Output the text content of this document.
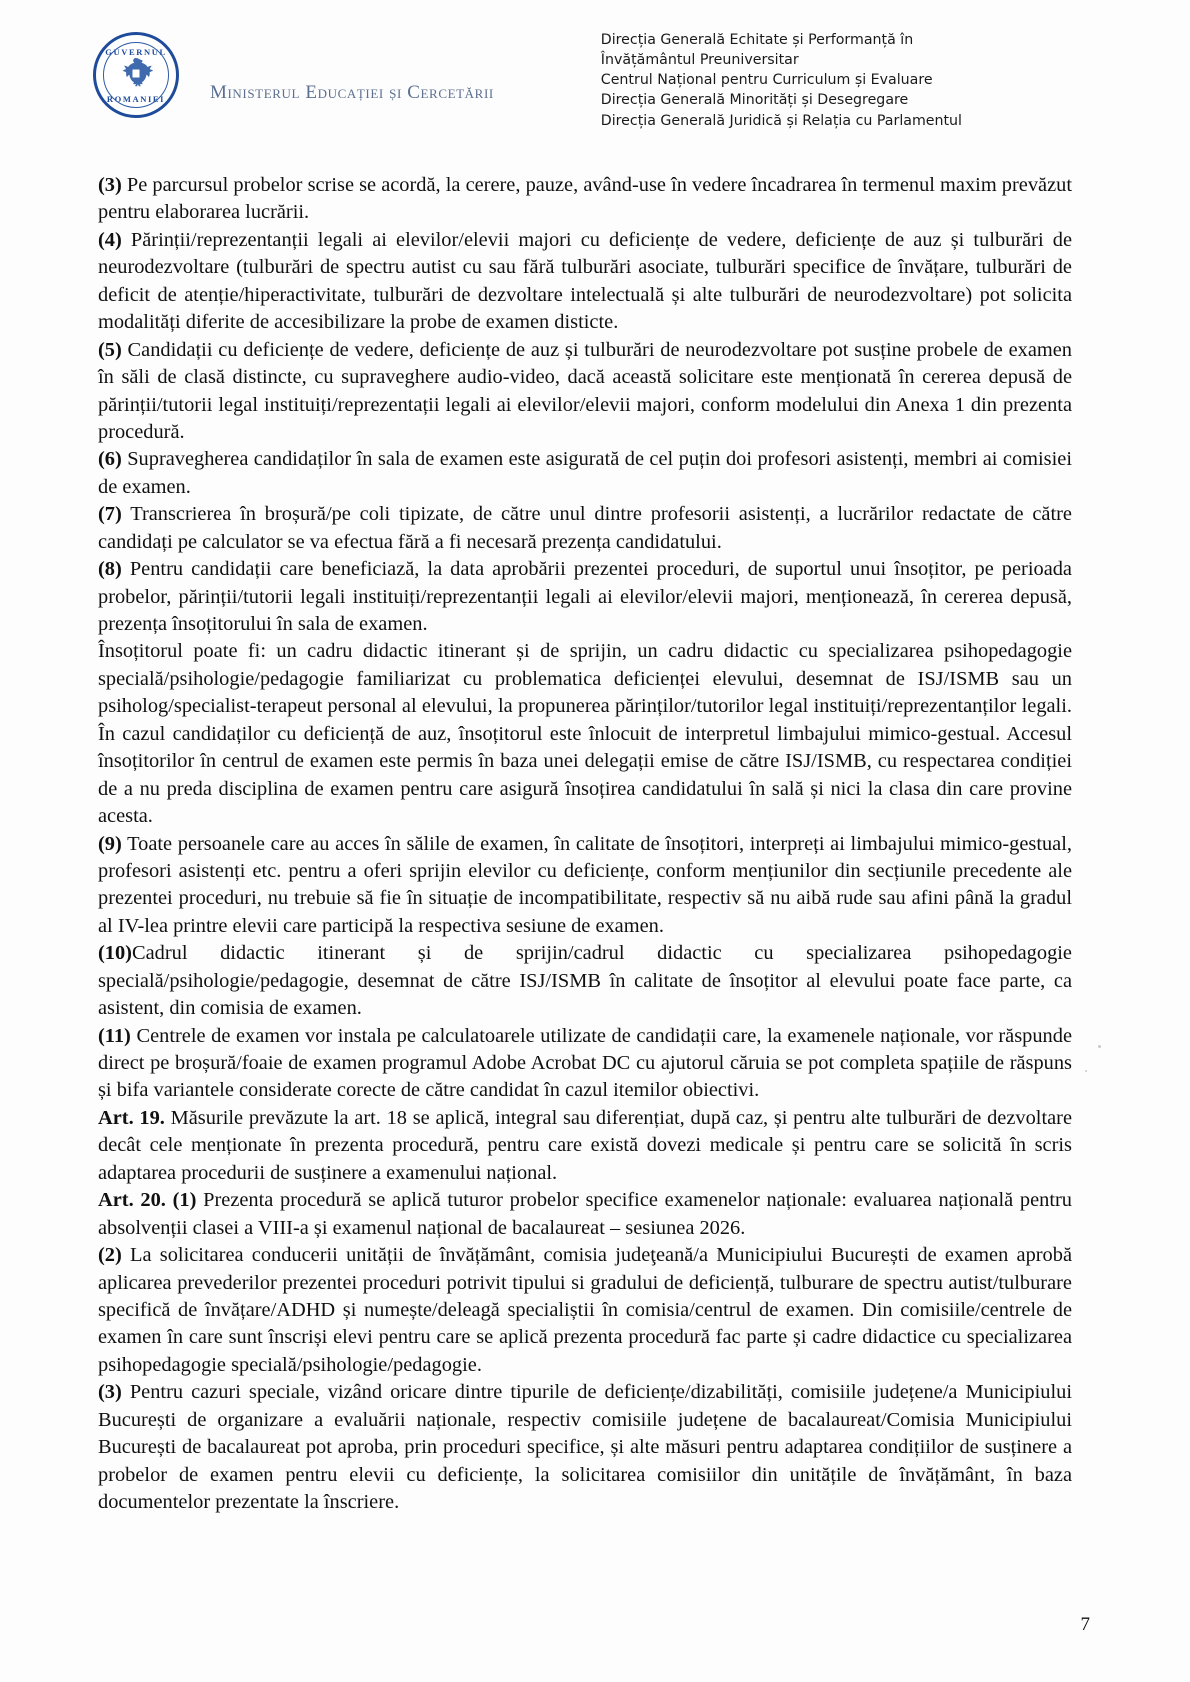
GUVERNUL
ROMANIEI	Ministerul Educației și Cercetării
Direcția Generală Echitate și Performanță în
Învățământul Preuniversitar
Centrul Național pentru Curriculum și Evaluare
Direcția Generală Minorități și Desegregare
Direcția Generală Juridică și Relația cu Parlamentul

(3) Pe parcursul probelor scrise se acordă, la cerere, pauze, având-use în vedere încadrarea în termenul maxim prevăzut pentru elaborarea lucrării.

(4) Părinții/reprezentanții legali ai elevilor/elevii majori cu deficiențe de vedere, deficiențe de auz și tulburări de neurodezvoltare (tulburări de spectru autist cu sau fără tulburări asociate, tulburări specifice de învățare, tulburări de deficit de atenție/hiperactivitate, tulburări de dezvoltare intelectuală și alte tulburări de neurodezvoltare) pot solicita modalități diferite de accesibilizare la probe de examen disticte.

(5) Candidații cu deficiențe de vedere, deficiențe de auz și tulburări de neurodezvoltare pot susține probele de examen în săli de clasă distincte, cu supraveghere audio-video, dacă această solicitare este menționată în cererea depusă de părinții/tutorii legal instituiți/reprezentații legali ai elevilor/elevii majori, conform modelului din Anexa 1 din prezenta procedură.

(6) Supravegherea candidaților în sala de examen este asigurată de cel puțin doi profesori asistenți, membri ai comisiei de examen.

(7) Transcrierea în broșură/pe coli tipizate, de către unul dintre profesorii asistenți, a lucrărilor redactate de către candidați pe calculator se va efectua fără a fi necesară prezența candidatului.

(8) Pentru candidații care beneficiază, la data aprobării prezentei proceduri, de suportul unui însoțitor, pe perioada probelor, părinții/tutorii legali instituiți/reprezentanții legali ai elevilor/elevii majori, menționează, în cererea depusă, prezența însoțitorului în sala de examen.

Însoțitorul poate fi: un cadru didactic itinerant și de sprijin, un cadru didactic cu specializarea psihopedagogie specială/psihologie/pedagogie familiarizat cu problematica deficienței elevului, desemnat de ISJ/ISMB sau un psiholog/specialist-terapeut personal al elevului, la propunerea părinților/tutorilor legal instituiți/reprezentanților legali. În cazul candidaților cu deficiență de auz, însoțitorul este înlocuit de interpretul limbajului mimico-gestual. Accesul însoțitorilor în centrul de examen este permis în baza unei delegații emise de către ISJ/ISMB, cu respectarea condiției de a nu preda disciplina de examen pentru care asigură însoțirea candidatului în sală și nici la clasa din care provine acesta.

(9) Toate persoanele care au acces în sălile de examen, în calitate de însoțitori, interpreți ai limbajului mimico-gestual, profesori asistenți etc. pentru a oferi sprijin elevilor cu deficiențe, conform mențiunilor din secțiunile precedente ale prezentei proceduri, nu trebuie să fie în situație de incompatibilitate, respectiv să nu aibă rude sau afini până la gradul al IV-lea printre elevii care participă la respectiva sesiune de examen.

(10)Cadrul didactic itinerant și de sprijin/cadrul didactic cu specializarea psihopedagogie specială/psihologie/pedagogie, desemnat de către ISJ/ISMB în calitate de însoțitor al elevului poate face parte, ca asistent, din comisia de examen.

(11) Centrele de examen vor instala pe calculatoarele utilizate de candidații care, la examenele naționale, vor răspunde direct pe broșură/foaie de examen programul Adobe Acrobat DC cu ajutorul căruia se pot completa spațiile de răspuns și bifa variantele considerate corecte de către candidat în cazul itemilor obiectivi.

Art. 19. Măsurile prevăzute la art. 18 se aplică, integral sau diferențiat, după caz, și pentru alte tulburări de dezvoltare decât cele menționate în prezenta procedură, pentru care există dovezi medicale și pentru care se solicită în scris adaptarea procedurii de susținere a examenului național.

Art. 20. (1) Prezenta procedură se aplică tuturor probelor specifice examenelor naționale: evaluarea națională pentru absolvenții clasei a VIII-a și examenul național de bacalaureat – sesiunea 2026.

(2) La solicitarea conducerii unității de învățământ, comisia judeţeană/a Municipiului București de examen aprobă aplicarea prevederilor prezentei proceduri potrivit tipului si gradului de deficiență, tulburare de spectru autist/tulburare specifică de învățare/ADHD și numește/deleagă specialiștii în comisia/centrul de examen. Din comisiile/centrele de examen în care sunt înscriși elevi pentru care se aplică prezenta procedură fac parte și cadre didactice cu specializarea psihopedagogie specială/psihologie/pedagogie.

(3) Pentru cazuri speciale, vizând oricare dintre tipurile de deficiențe/dizabilități, comisiile județene/a Municipiului București de organizare a evaluării naționale, respectiv comisiile județene de bacalaureat/Comisia Municipiului București de bacalaureat pot aproba, prin proceduri specifice, și alte măsuri pentru adaptarea condițiilor de susținere a probelor de examen pentru elevii cu deficiențe, la solicitarea comisiilor din unitățile de învățământ, în baza documentelor prezentate la înscriere.

7
